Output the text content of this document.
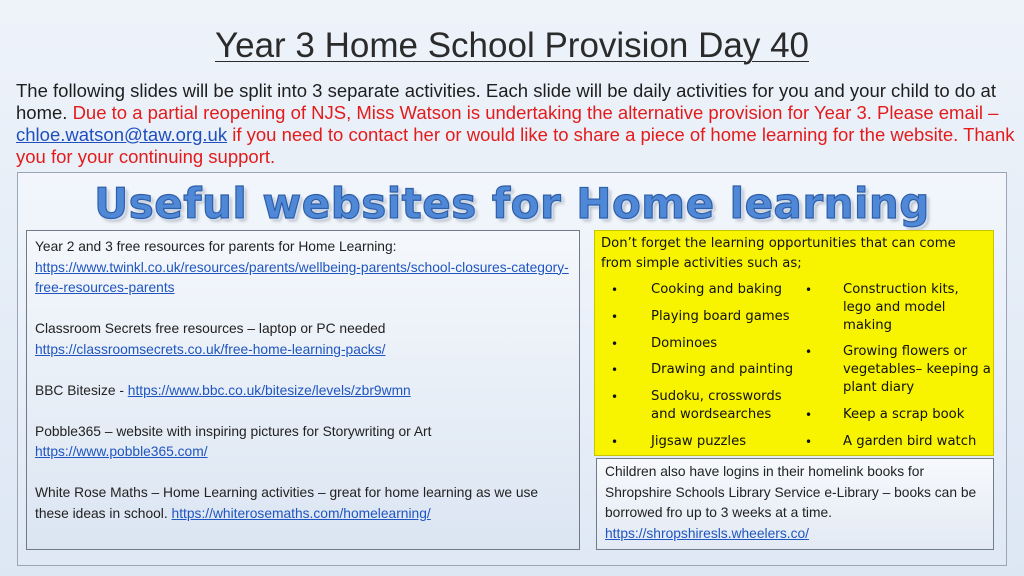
Year 3 Home School Provision Day 40
The following slides will be split into 3 separate activities. Each slide will be daily activities for you and your child to do at home. Due to a partial reopening of NJS, Miss Watson is undertaking the alternative provision for Year 3. Please email – chloe.watson@taw.org.uk if you need to contact her or would like to share a piece of home learning for the website. Thank you for your continuing support.
Useful websites for Home learning

Year 2 and 3 free resources for parents for Home Learning:
https://www.twinkl.co.uk/resources/parents/wellbeing-parents/school-closures-category-free-resources-parents

Classroom Secrets free resources – laptop or PC needed
https://classroomsecrets.co.uk/free-home-learning-packs/

BBC Bitesize - https://www.bbc.co.uk/bitesize/levels/zbr9wmn

Pobble365 – website with inspiring pictures for Storywriting or Art
https://www.pobble365.com/

White Rose Maths – Home Learning activities – great for home learning as we use these ideas in school. https://whiterosemaths.com/homelearning/

Don’t forget the learning opportunities that can come from simple activities such as;
• Cooking and baking
• Playing board games
• Dominoes
• Drawing and painting
• Sudoku, crosswords and wordsearches
• Jigsaw puzzles
• Construction kits, lego and model making
• Growing flowers or vegetables– keeping a plant diary
• Keep a scrap book
• A garden bird watch
Children also have logins in their homelink books for Shropshire Schools Library Service e-Library – books can be borrowed fro up to 3 weeks at a time.
https://shropshiresls.wheelers.co/
